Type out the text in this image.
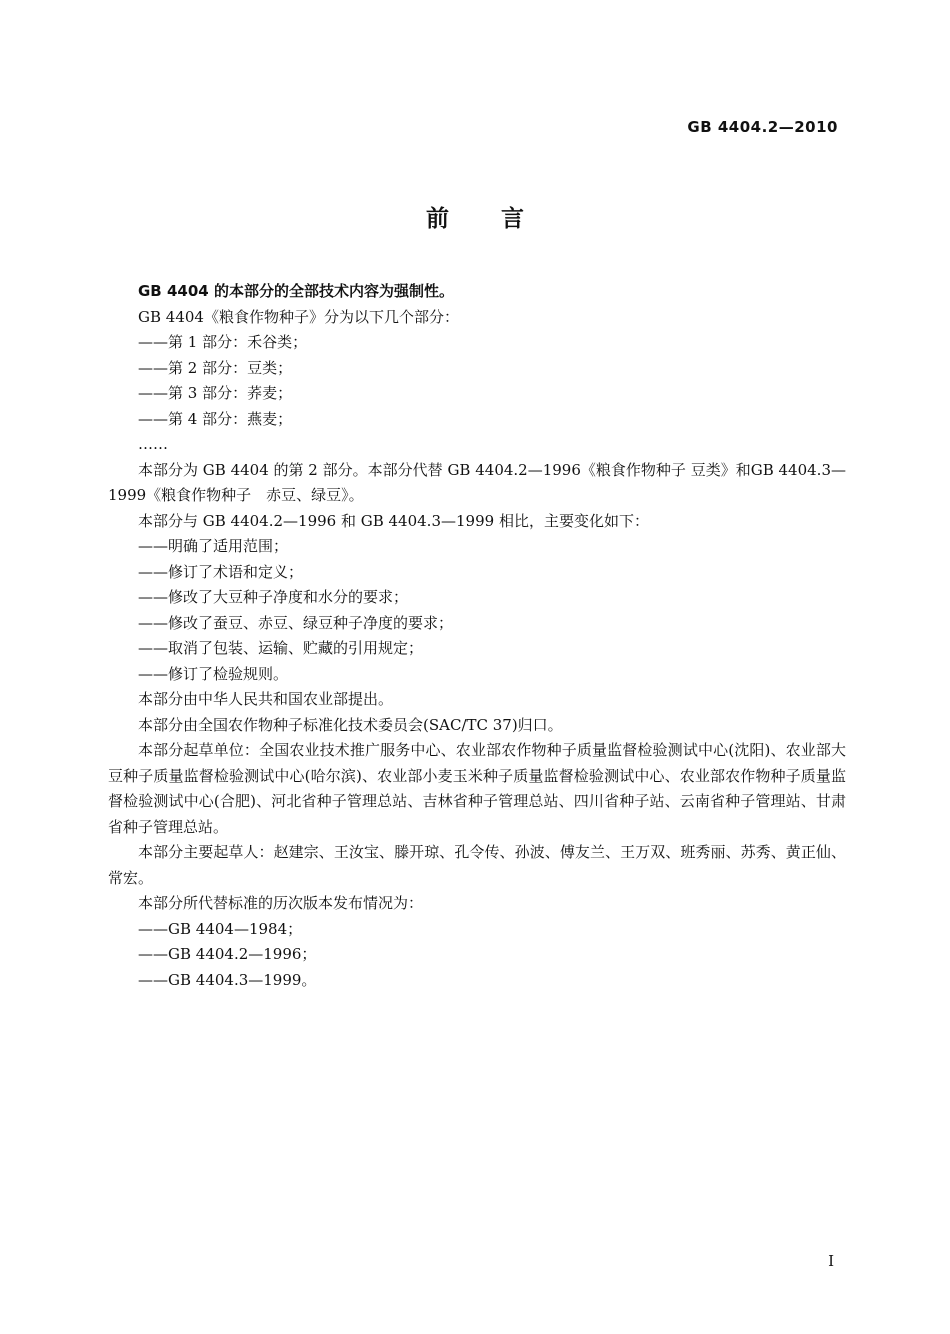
GB 4404.2—2010
前言

GB 4404 的本部分的全部技术内容为强制性。

GB 4404《粮食作物种子》分为以下几个部分：

——第 1 部分：禾谷类；

——第 2 部分：豆类；

——第 3 部分：荞麦；

——第 4 部分：燕麦；

……

本部分为 GB 4404 的第 2 部分。本部分代替 GB 4404.2—1996《粮食作物种子 豆类》和GB 4404.3—1999《粮食作物种子　赤豆、绿豆》。

本部分与 GB 4404.2—1996 和 GB 4404.3—1999 相比，主要变化如下：

——明确了适用范围；

——修订了术语和定义；

——修改了大豆种子净度和水分的要求；

——修改了蚕豆、赤豆、绿豆种子净度的要求；

——取消了包装、运输、贮藏的引用规定；

——修订了检验规则。

本部分由中华人民共和国农业部提出。

本部分由全国农作物种子标准化技术委员会(SAC/TC 37)归口。

本部分起草单位：全国农业技术推广服务中心、农业部农作物种子质量监督检验测试中心(沈阳)、农业部大豆种子质量监督检验测试中心(哈尔滨)、农业部小麦玉米种子质量监督检验测试中心、农业部农作物种子质量监督检验测试中心(合肥)、河北省种子管理总站、吉林省种子管理总站、四川省种子站、云南省种子管理站、甘肃省种子管理总站。

本部分主要起草人：赵建宗、王汝宝、滕开琼、孔令传、孙波、傅友兰、王万双、班秀丽、苏秀、黄正仙、常宏。

本部分所代替标准的历次版本发布情况为：

——GB 4404—1984；

——GB 4404.2—1996；

——GB 4404.3—1999。

I
